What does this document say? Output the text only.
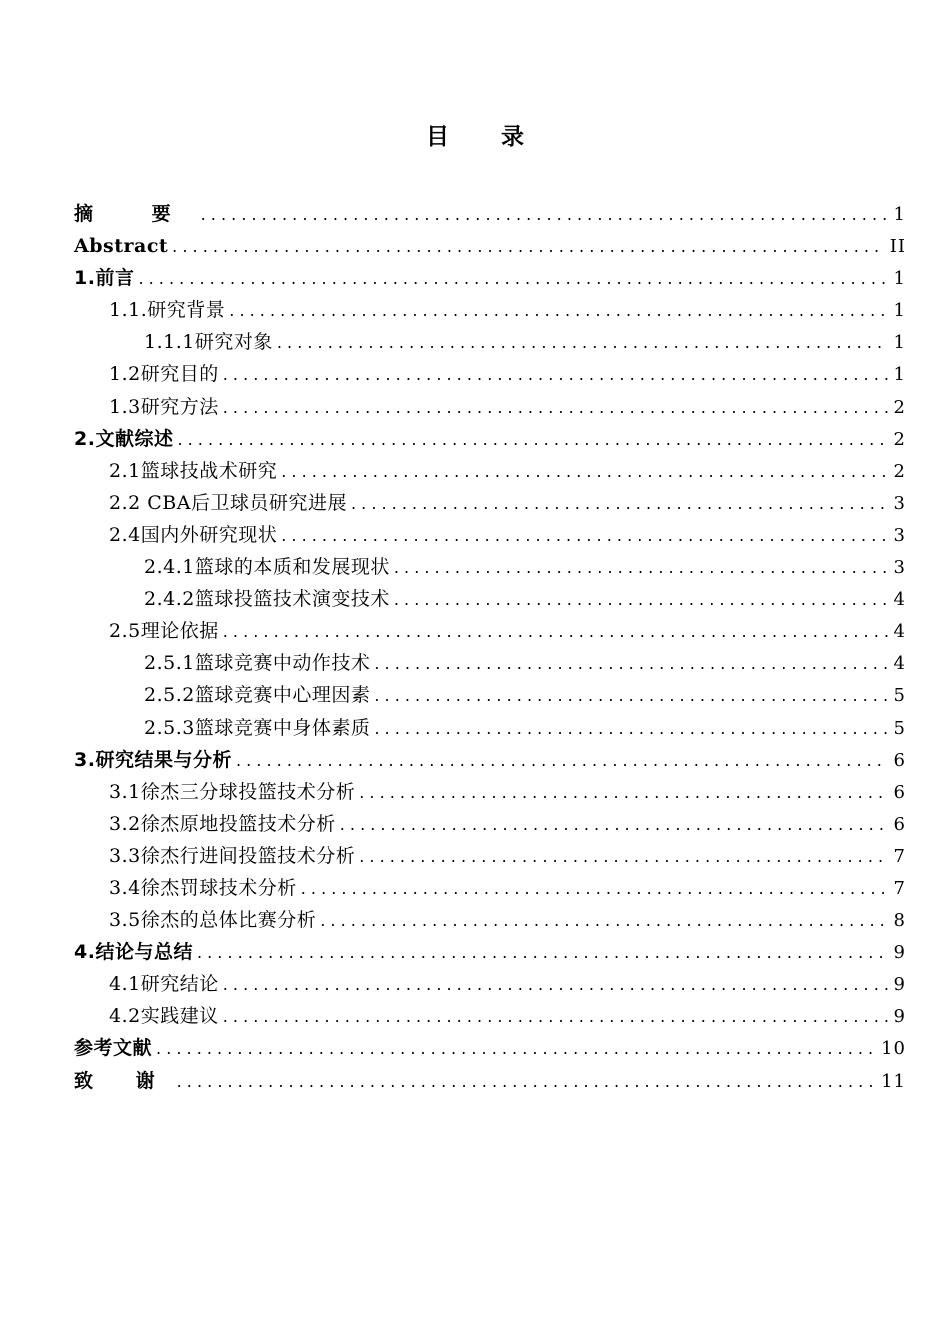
目 录
摘 要 . . .	1
Abstract . . .	II
1.前言 . . .	1
1.1.研究背景 . . .	1
1.1.1研究对象 . . .	1
1.2研究目的 . . .	1
1.3研究方法 . . .	2
2.文献综述 . . .	2
2.1篮球技战术研究 . . .	2
2.2 CBA后卫球员研究进展 . . .	3
2.4国内外研究现状 . . .	3
2.4.1篮球的本质和发展现状 . . .	3
2.4.2篮球投篮技术演变技术 . . .	4
2.5理论依据 . . .	4
2.5.1篮球竞赛中动作技术 . . .	4
2.5.2篮球竞赛中心理因素 . . .	5
2.5.3篮球竞赛中身体素质 . . .	5
3.研究结果与分析 . . .	6
3.1徐杰三分球投篮技术分析 . . .	6
3.2徐杰原地投篮技术分析 . . .	6
3.3徐杰行进间投篮技术分析 . . .	7
3.4徐杰罚球技术分析 . . .	7
3.5徐杰的总体比赛分析 . . .	8
4.结论与总结 . . .	9
4.1研究结论 . . .	9
4.2实践建议 . . .	9
参考文献 . . .	10
致 谢 . . .	11
